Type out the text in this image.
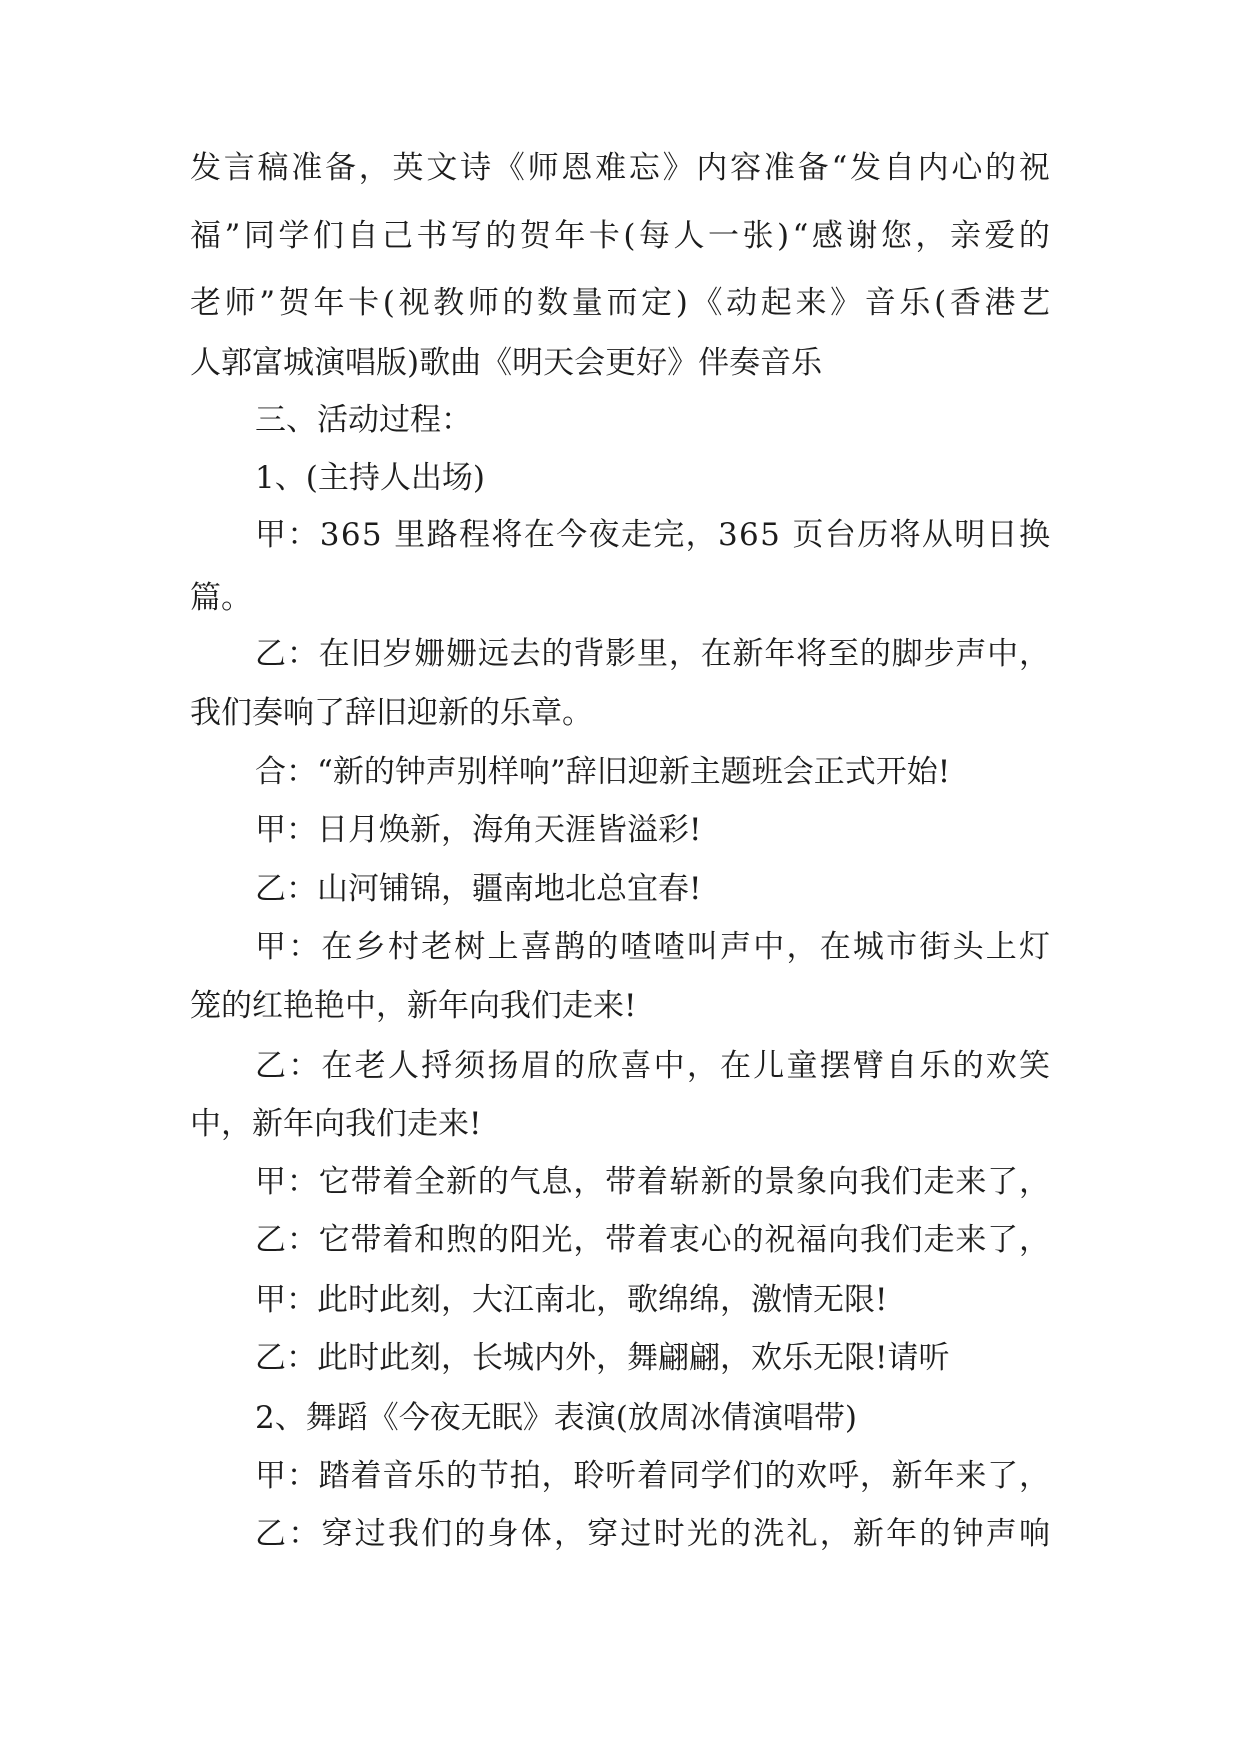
发言稿准备，英文诗《师恩难忘》内容准备“发自内心的祝
福”同学们自己书写的贺年卡(每人一张)“感谢您，亲爱的
老师”贺年卡(视教师的数量而定)《动起来》音乐(香港艺
人郭富城演唱版)歌曲《明天会更好》伴奏音乐
三、活动过程：
1、(主持人出场)
甲：365 里路程将在今夜走完，365 页台历将从明日换
篇。
乙：在旧岁姗姗远去的背影里，在新年将至的脚步声中，
我们奏响了辞旧迎新的乐章。
合：“新的钟声别样响”辞旧迎新主题班会正式开始!
甲：日月焕新，海角天涯皆溢彩!
乙：山河铺锦，疆南地北总宜春!
甲：在乡村老树上喜鹊的喳喳叫声中，在城市街头上灯
笼的红艳艳中，新年向我们走来!
乙：在老人捋须扬眉的欣喜中，在儿童摆臂自乐的欢笑
中，新年向我们走来!
甲：它带着全新的气息，带着崭新的景象向我们走来了，
乙：它带着和煦的阳光，带着衷心的祝福向我们走来了，
甲：此时此刻，大江南北，歌绵绵，激情无限!
乙：此时此刻，长城内外，舞翩翩，欢乐无限!请听
2、舞蹈《今夜无眠》表演(放周冰倩演唱带)
甲：踏着音乐的节拍，聆听着同学们的欢呼，新年来了，
乙：穿过我们的身体，穿过时光的洗礼，新年的钟声响
